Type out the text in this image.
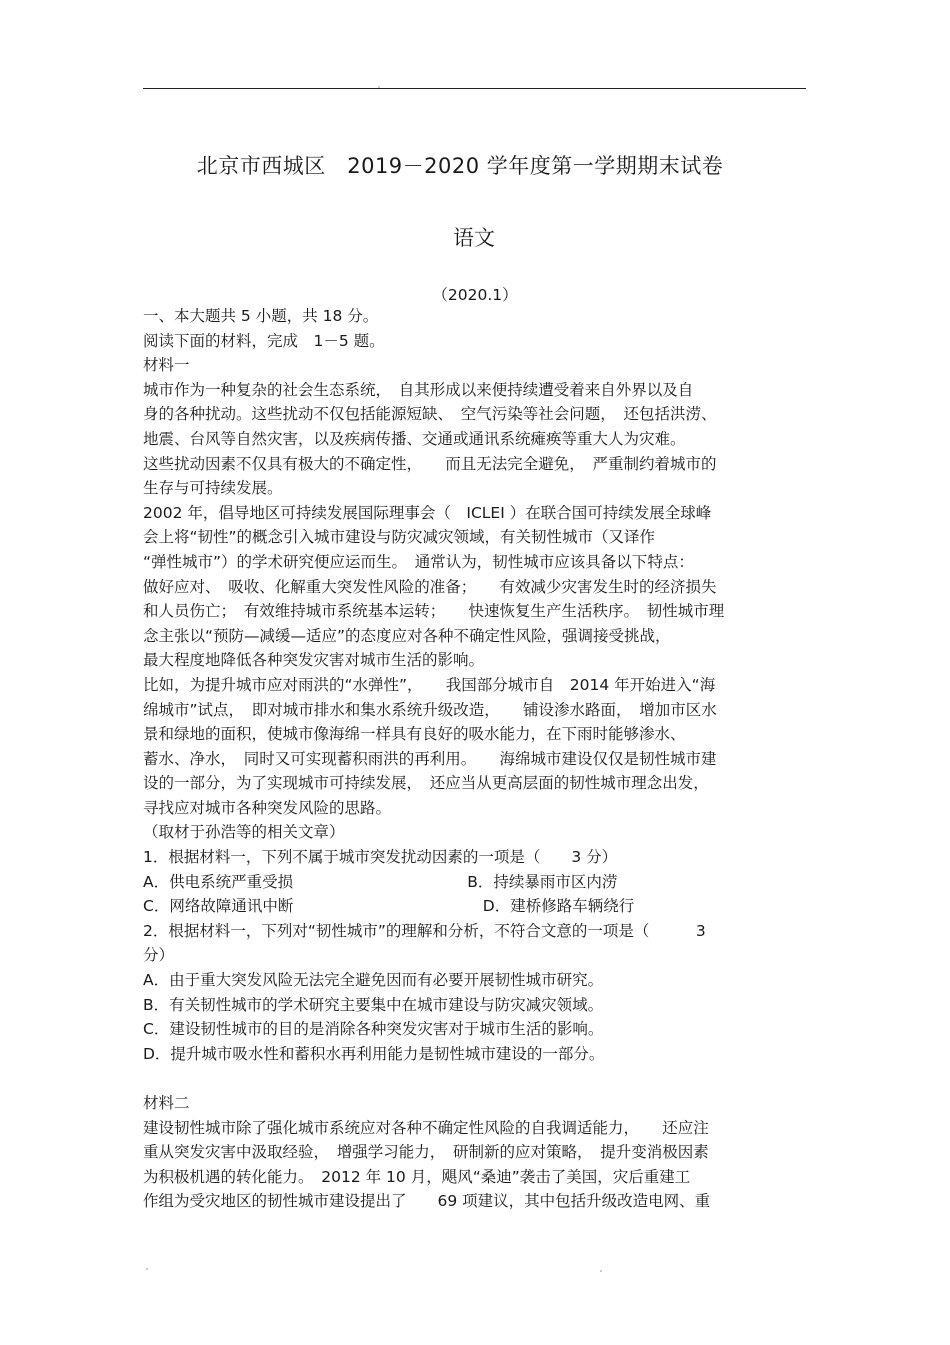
北京市西城区　2019－2020 学年度第一学期期末试卷
语文
（2020.1）
一、本大题共 5 小题，共 18 分。
阅读下面的材料，完成　1－5 题。
材料一
城市作为一种复杂的社会生态系统，　自其形成以来便持续遭受着来自外界以及自
身的各种扰动。这些扰动不仅包括能源短缺、　空气污染等社会问题，　还包括洪涝、
地震、台风等自然灾害，以及疾病传播、交通或通讯系统瘫痪等重大人为灾难。
这些扰动因素不仅具有极大的不确定性，　　而且无法完全避免，　严重制约着城市的
生存与可持续发展。
2002 年，倡导地区可持续发展国际理事会（　ICLEI ）在联合国可持续发展全球峰
会上将“韧性”的概念引入城市建设与防灾减灾领域，有关韧性城市（又译作
“弹性城市”）的学术研究便应运而生。　通常认为，韧性城市应该具备以下特点：
做好应对、　吸收、化解重大突发性风险的准备；　　有效减少灾害发生时的经济损失
和人员伤亡；　有效维持城市系统基本运转；　　快速恢复生产生活秩序。　韧性城市理
念主张以“预防—减缓—适应”的态度应对各种不确定性风险，强调接受挑战，
最大程度地降低各种突发灾害对城市生活的影响。
比如，为提升城市应对雨洪的“水弹性”，　　我国部分城市自　2014 年开始进入“海
绵城市”试点，　即对城市排水和集水系统升级改造，　　铺设渗水路面，　增加市区水
景和绿地的面积，使城市像海绵一样具有良好的吸水能力，在下雨时能够渗水、
蓄水、净水，　同时又可实现蓄积雨洪的再利用。　　海绵城市建设仅仅是韧性城市建
设的一部分，为了实现城市可持续发展，　还应当从更高层面的韧性城市理念出发，
寻找应对城市各种突发风险的思路。
（取材于孙浩等的相关文章）
1．根据材料一，下列不属于城市突发扰动因素的一项是（　　3 分）
A．供电系统严重受损	B．持续暴雨市区内涝
C．网络故障通讯中断	　D．建桥修路车辆绕行
2．根据材料一，下列对“韧性城市”的理解和分析，不符合文意的一项是（　　　3
分）
A．由于重大突发风险无法完全避免因而有必要开展韧性城市研究。
B．有关韧性城市的学术研究主要集中在城市建设与防灾减灾领域。
C．建设韧性城市的目的是消除各种突发灾害对于城市生活的影响。
D．提升城市吸水性和蓄积水再利用能力是韧性城市建设的一部分。
材料二
建设韧性城市除了强化城市系统应对各种不确定性风险的自我调适能力，　　还应注
重从突发灾害中汲取经验，　增强学习能力，　研制新的应对策略，　提升变消极因素
为积极机遇的转化能力。　2012 年 10 月，飓风“桑迪”袭击了美国，灾后重建工
作组为受灾地区的韧性城市建设提出了　　69 项建议，其中包括升级改造电网、重
